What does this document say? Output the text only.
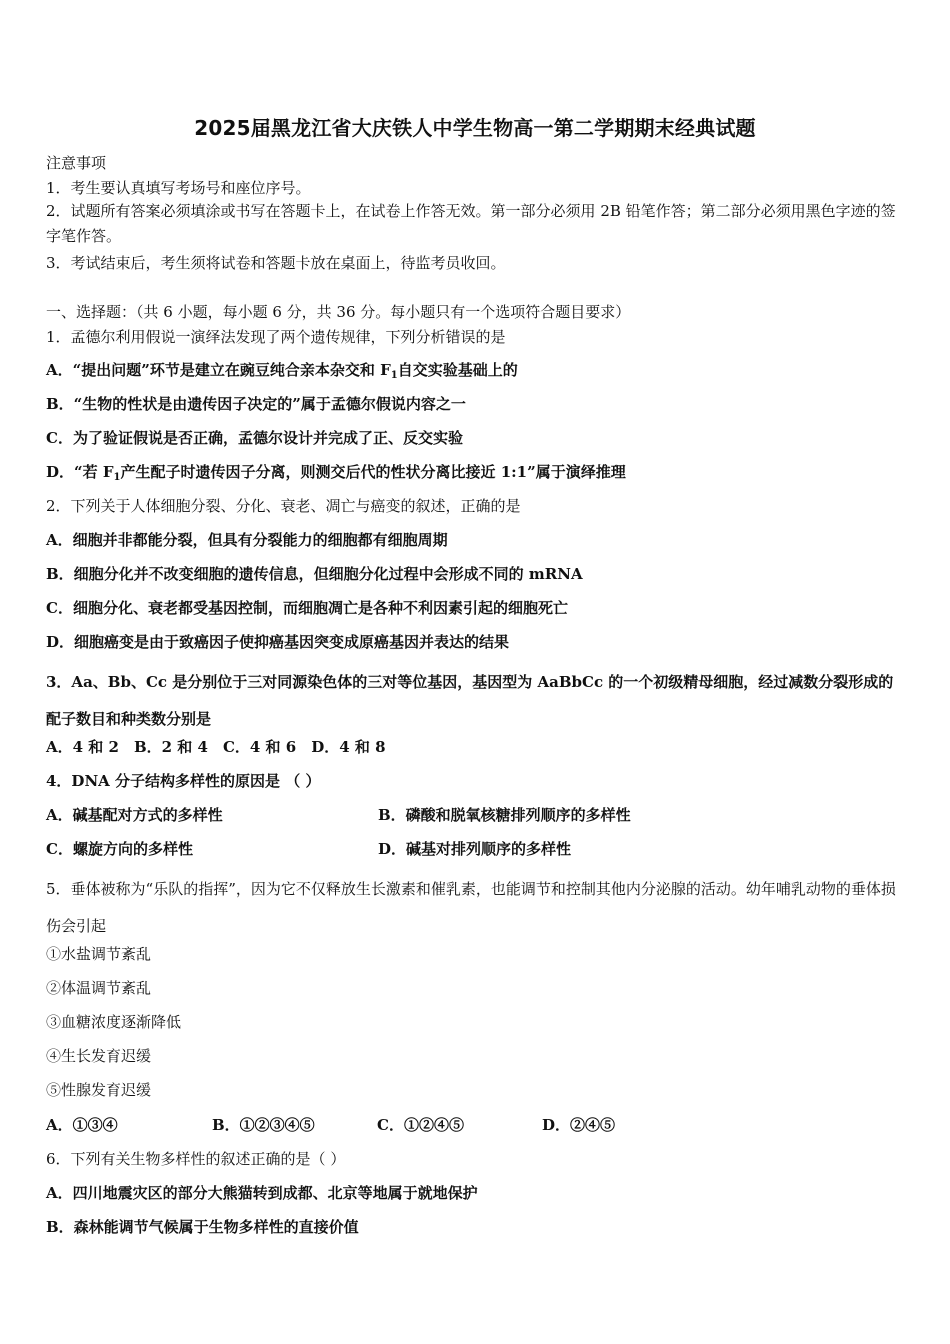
2025届黑龙江省大庆铁人中学生物高一第二学期期末经典试题
注意事项
1．考生要认真填写考场号和座位序号。
2．试题所有答案必须填涂或书写在答题卡上，在试卷上作答无效。第一部分必须用 2B 铅笔作答；第二部分必须用黑色字迹的签字笔作答。
3．考试结束后，考生须将试卷和答题卡放在桌面上，待监考员收回。
一、选择题：（共 6 小题，每小题 6 分，共 36 分。每小题只有一个选项符合题目要求）
1．孟德尔利用假说一演绎法发现了两个遗传规律，下列分析错误的是
A．“提出问题”环节是建立在豌豆纯合亲本杂交和 $F_1$自交实验基础上的
B．“生物的性状是由遗传因子决定的”属于孟德尔假说内容之一
C．为了验证假说是否正确，孟德尔设计并完成了正、反交实验
D．“若 $F_1$产生配子时遗传因子分离，则测交后代的性状分离比接近 1:1”属于演绎推理
2．下列关于人体细胞分裂、分化、衰老、凋亡与癌变的叙述，正确的是
A．细胞并非都能分裂，但具有分裂能力的细胞都有细胞周期
B．细胞分化并不改变细胞的遗传信息，但细胞分化过程中会形成不同的 mRNA
C．细胞分化、衰老都受基因控制，而细胞凋亡是各种不利因素引起的细胞死亡
D．细胞癌变是由于致癌因子使抑癌基因突变成原癌基因并表达的结果
3．Aa、Bb、Cc 是分别位于三对同源染色体的三对等位基因，基因型为 AaBbCc 的一个初级精母细胞，经过减数分裂形成的配子数目和种类数分别是
A．4 和 2　B．2 和 4　C．4 和 6　D．4 和 8
4．DNA 分子结构多样性的原因是 （ ）
A．碱基配对方式的多样性	B．磷酸和脱氧核糖排列顺序的多样性
C．螺旋方向的多样性	D．碱基对排列顺序的多样性
5．垂体被称为“乐队的指挥”，因为它不仅释放生长激素和催乳素，也能调节和控制其他内分泌腺的活动。幼年哺乳动物的垂体损伤会引起
①水盐调节紊乱
②体温调节紊乱
③血糖浓度逐渐降低
④生长发育迟缓
⑤性腺发育迟缓
A．①③④	B．①②③④⑤	C．①②④⑤	D．②④⑤
6．下列有关生物多样性的叙述正确的是（ ）
A．四川地震灾区的部分大熊猫转到成都、北京等地属于就地保护
B．森林能调节气候属于生物多样性的直接价值
